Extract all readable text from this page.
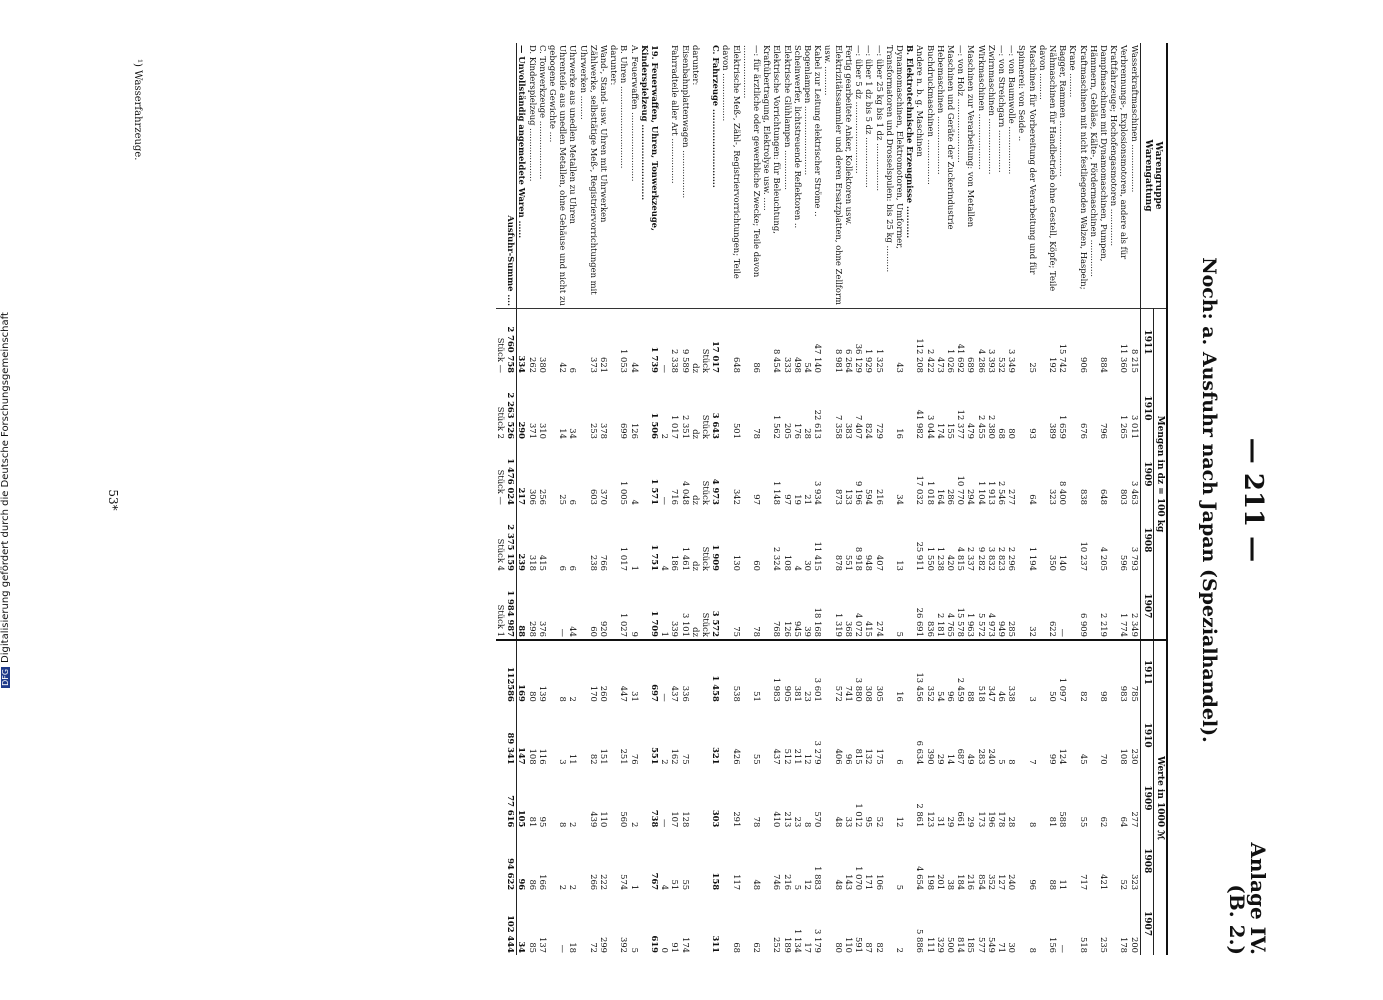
DFGDigitalisierung gefördert durch die Deutsche Forschungsgemeinschaft	— 211 —
Anlage IV.
(B. 2.)
Noch: a. Ausfuhr nach Japan (Spezialhandel).
Warengruppe
Warengattung	Mengen in dz = 100 kg					Werte in 1000 ℳ				
	1911	1910	1909	1908	1907	1911	1910	1909	1908	1907
Wasserkraftmaschinen ..................	8 215	3 011	3 463	3 793	2 349	785	230	277	323	200
Verbrennungs-, Explosionsmotoren, andere als für Kraftfahrzeuge; Hochofengasmotoren ..............	11 360	1 265	803	596	1 774	983	108	64	52	178
Dampfmaschinen mit Dynamomaschinen, Pumpen, Hämmern, Gebläse, Kälte-, Fördermaschinen ..............	884	796	648	4 205	2 219	98	70	62	421	235
Kraftmaschinen mit nicht festliegenden Walzen, Haspeln; Krane .........	906	676	838	10 237	6 909	82	45	55	717	518
Bagger, Rammen .....................	15 742	1 659	8 400	140	—	1 097	124	588	11	—
Nähmaschinen für Handbetrieb ohne Gestell, Köpfe; Teile davon ..........	192	389	323	350	622	50	99	81	88	156
Maschinen für Vorbereitung der Verarbeitung und für Spinnerei: von Seide ..	25	93	64	1 194	32	3	7	8	96	8
—: von Baumwolle ..................	3 349	80	277	2 296	285	338	8	28	240	30
—: von Streichgarn ................	532	68	2 546	2 823	949	46	5	178	127	71
Zwirnmaschinen .....................	3 393	2 380	1 913	3 832	4 973	347	240	196	352	549
Wirkmaschinen .....................	4 286	2 455	1 104	9 282	5 572	518	283	173	854	577
Maschinen zur Verarbeitung: von Metallen	689	479	294	2 337	1 963	88	49	29	216	185
—: von Holz ........................	41 692	12 377	10 770	4 815	15 578	2 459	687	661	184	814
Maschinen und Geräte der Zuckerindustrie	1 026	155	286	420	4 765	96	14	29	38	500
Hebemaschinen ......................	473	174	164	1 238	2 181	54	29	31	201	329
Buchdruckmaschinen .................	2 422	3 044	1 018	1 550	836	352	390	123	198	111
Andere n. b. g. Maschinen	112 208	41 982	17 032	25 911	26 691	13 456	6 634	2 861	4 654	5 886
B. Elektrotechnische Erzeugnisse ...........										
Dynamomaschinen, Elektromotoren, Umformer, Transformatoren und Drosselspulen: bis 25 kg ..........	43	16	34	13	5	16	6	12	5	2
—: über 25 kg bis 1 dz ..................	1 325	729	216	407	274	305	175	52	106	82
—: über 1 dz bis 5 dz ...................	1 929	824	594	948	415	308	132	95	171	87
—: über 5 dz ...........................	36 129	7 407	9 196	8 918	4 072	3 880	815	1 012	1 070	591
Fertig gearbeitete Anker, Kollektoren usw.	6 264	383	133	551	368	741	96	33	143	110
Elektrizitätssammler und deren Ersatzplatten, ohne Zellform usw. ...........	8 981	7 358	873	878	1 319	572	406	48	48	80
Kabel zur Leitung elektrischer Ströme ..	47 140	22 613	3 934	11 415	18 168	3 601	3 279	570	1 883	3 179
Bogenlampen ..........................	54	28	21	30	39	23	12	8	12	17
Scheinwerfer, lichtstreuende Reflektoren ..	498	176	19	4	945	381	211	23	5	1 134
Elektrische Glühlampen ...............	333	205	97	108	126	905	512	213	216	189
Elektrische Vorrichtungen: für Beleuchtung, Kraftübertragung, Elektrolyse usw. .....	8 454	1 562	1 148	2 324	768	1 983	437	410	746	252
—: für ärztliche oder gewerbliche Zwecke; Teile davon ....................	86	78	97	60	78	51	55	78	48	62
Elektrische Meß-, Zähl-, Registriervorrichtungen; Teile davon ..................	648	501	342	130	75	538	426	291	117	68
C. Fahrzeuge ...........................	17 017	3 643	4 973	1 909	3 572	1 458	321	303	158	311
	Stück	Stück	Stück	Stück	Stück					
darunter:	dz	dz	dz	dz	dz					
Eisenbahnplattenwagen ..................	9 589	2 351	4 048	1 461	3 101	336	75	128	55	174
Fahrradteile aller Art .................	2 338	1 017	716	186	339	437	162	107	51	91
	—	2	—	4	1	—	2	—	4	0
19. Feuerwaffen, Uhren, Tonwerkzeuge, Kinderspielzeug ..........................	1 739	1 506	1 571	1 751	1 709	697	551	738	767	619
A. Feuerwaffen ..........................	44	126	4	1	9	31	76	2	1	5
B. Uhren ...............................	1 053	699	1 005	1 017	1 027	447	251	560	574	392
darunter:										
Wand-, Stand- usw. Uhren mit Uhrwerken	621	378	370	766	920	260	151	110	222	299
Zählwerke, selbsttätige Meß-, Registriervorrichtungen mit Uhrwerken .........	373	253	603	238	60	170	82	439	266	72
Uhrwerke aus unedlen Metallen zu Uhren	6	34	6	6	44	2	11	2	2	18
Uhrenteile aus unedlen Metallen, ohne Gehäuse und nicht zu gebogene Gewichte ....	42	14	25	6	—	8	3	8	2	—
C. Tonwerkzeuge ......................	380	310	256	415	376	139	116	95	166	137
D. Kinderspielzeug ....................	262	371	306	318	298	80	108	81	86	85
— Unvollständig angemeldete Waren ......	334	290	217	239	88	169	147	105	96	34
Ausfuhr-Summe ....	2 760 758	2 263 526	1 476 024	2 375 159	1 984 987	112586	89 341	77 616	94 622	102 444
	Stück —	Stück 2	Stück —	Stück 4	Stück 1					
¹) Wasserfahrzeuge.
53*
